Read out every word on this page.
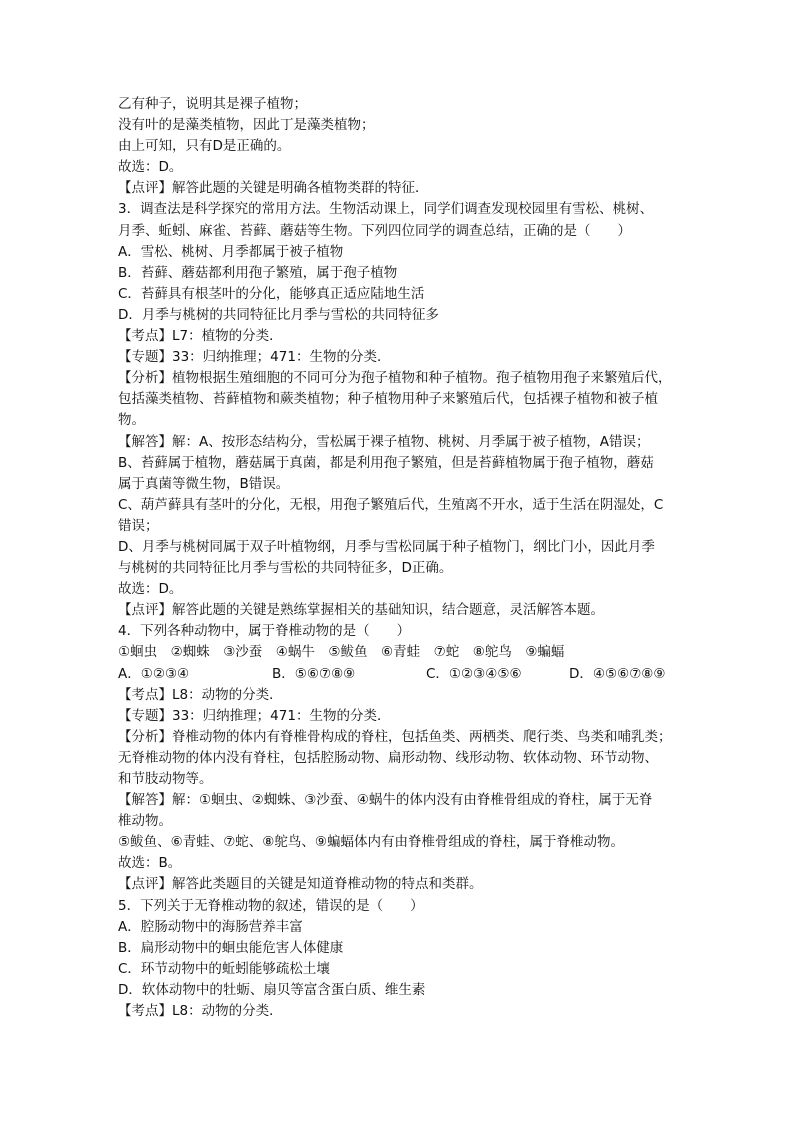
乙有种子，说明其是裸子植物；
没有叶的是藻类植物，因此丁是藻类植物；
由上可知，只有D是正确的。
故选：D。
【点评】解答此题的关键是明确各植物类群的特征．
3．调查法是科学探究的常用方法。生物活动课上，同学们调查发现校园里有雪松、桃树、
月季、蚯蚓、麻雀、苔藓、蘑菇等生物。下列四位同学的调查总结，正确的是（　　）
A．雪松、桃树、月季都属于被子植物
B．苔藓、蘑菇都利用孢子繁殖，属于孢子植物
C．苔藓具有根茎叶的分化，能够真正适应陆地生活
D．月季与桃树的共同特征比月季与雪松的共同特征多
【考点】L7：植物的分类．
【专题】33：归纳推理；471：生物的分类．
【分析】植物根据生殖细胞的不同可分为孢子植物和种子植物。孢子植物用孢子来繁殖后代，
包括藻类植物、苔藓植物和蕨类植物；种子植物用种子来繁殖后代，包括裸子植物和被子植
物。
【解答】解：A、按形态结构分，雪松属于裸子植物、桃树、月季属于被子植物，A错误；
B、苔藓属于植物，蘑菇属于真菌，都是利用孢子繁殖，但是苔藓植物属于孢子植物，蘑菇
属于真菌等微生物，B错误。
C、葫芦藓具有茎叶的分化，无根，用孢子繁殖后代，生殖离不开水，适于生活在阴湿处，C
错误；
D、月季与桃树同属于双子叶植物纲，月季与雪松同属于种子植物门，纲比门小，因此月季
与桃树的共同特征比月季与雪松的共同特征多，D正确。
故选：D。
【点评】解答此题的关键是熟练掌握相关的基础知识，结合题意，灵活解答本题。
4．下列各种动物中，属于脊椎动物的是（　　）
①蛔虫　②蜘蛛　③沙蚕　④蜗牛　⑤鲅鱼　⑥青蛙　⑦蛇　⑧鸵鸟　⑨蝙蝠
A．①②③④	B．⑤⑥⑦⑧⑨	C．①②③④⑤⑥	D．④⑤⑥⑦⑧⑨
【考点】L8：动物的分类．
【专题】33：归纳推理；471：生物的分类．
【分析】脊椎动物的体内有脊椎骨构成的脊柱，包括鱼类、两栖类、爬行类、鸟类和哺乳类；
无脊椎动物的体内没有脊柱，包括腔肠动物、扁形动物、线形动物、软体动物、环节动物、
和节肢动物等。
【解答】解：①蛔虫、②蜘蛛、③沙蚕、④蜗牛的体内没有由脊椎骨组成的脊柱，属于无脊
椎动物。
⑤鲅鱼、⑥青蛙、⑦蛇、⑧鸵鸟、⑨蝙蝠体内有由脊椎骨组成的脊柱，属于脊椎动物。
故选：B。
【点评】解答此类题目的关键是知道脊椎动物的特点和类群。
5．下列关于无脊椎动物的叙述，错误的是（　　）
A．腔肠动物中的海肠营养丰富
B．扁形动物中的蛔虫能危害人体健康
C．环节动物中的蚯蚓能够疏松土壤
D．软体动物中的牡蛎、扇贝等富含蛋白质、维生素
【考点】L8：动物的分类．
